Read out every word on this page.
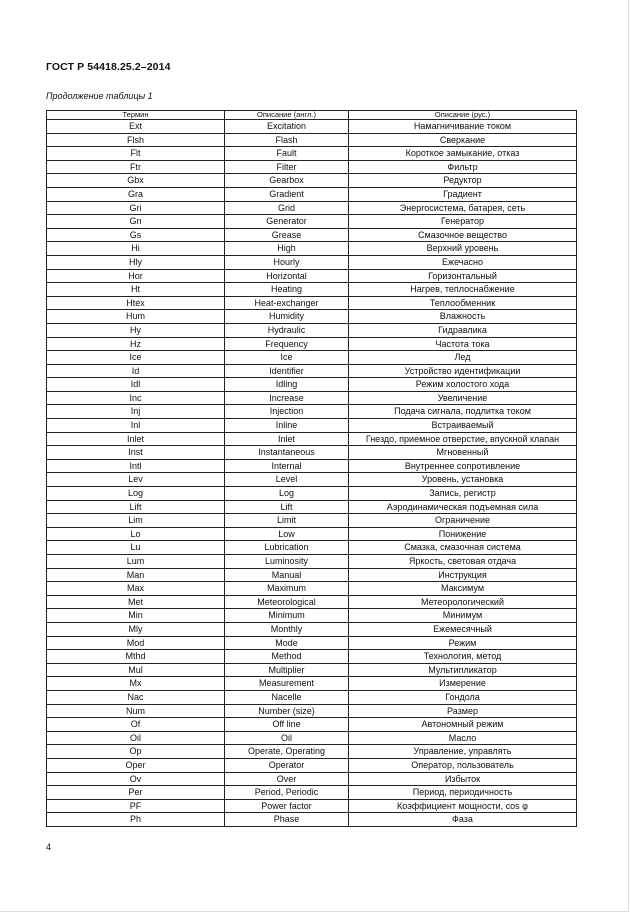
ГОСТ Р 54418.25.2–2014
Продолжение таблицы 1
Термин	Описание (англ.)	Описание (рус.)
Ext	Excitation	Намагничивание током
Flsh	Flash	Сверкание
Flt	Fault	Короткое замыкание, отказ
Ftr	Filter	Фильтр
Gbx	Gearbox	Редуктор
Gra	Gradient	Градиент
Gri	Grid	Энергосистема, батарея, сеть
Gn	Generator	Генератор
Gs	Grease	Смазочное вещество
Hi	High	Верхний уровень
Hly	Hourly	Ежечасно
Hor	Horizontal	Горизонтальный
Ht	Heating	Нагрев, теплоснабжение
Htex	Heat-exchanger	Теплообменник
Hum	Humidity	Влажность
Hy	Hydraulic	Гидравлика
Hz	Frequency	Частота тока
Ice	Ice	Лед
Id	Identifier	Устройство идентификации
Idl	Idling	Режим холостого хода
Inc	Increase	Увеличение
Inj	Injection	Подача сигнала, подлитка током
Inl	Inline	Встраиваемый
Inlet	Inlet	Гнездо, приемное отверстие, впускной клапан
Inst	Instantaneous	Мгновенный
Intl	Internal	Внутреннее сопротивление
Lev	Level	Уровень, установка
Log	Log	Запись, регистр
Lift	Lift	Аэродинамическая подъемная сила
Lim	Limit	Ограничение
Lo	Low	Понижение
Lu	Lubrication	Смазка, смазочная система
Lum	Luminosity	Яркость, световая отдача
Man	Manual	Инструкция
Max	Maximum	Максимум
Met	Meteorological	Метеорологический
Min	Minimum	Минимум
Mly	Monthly	Ежемесячный
Mod	Mode	Режим
Mthd	Method	Технология, метод
Mul	Multiplier	Мультипликатор
Mx	Measurement	Измерение
Nac	Nacelle	Гондола
Num	Number (size)	Размер
Of	Off line	Автономный режим
Oil	Oil	Масло
Op	Operate, Operating	Управление, управлять
Oper	Operator	Оператор, пользователь
Ov	Over	Избыток
Per	Period, Periodic	Период, периодичность
PF	Power factor	Коэффициент мощности, cos φ
Ph	Phase	Фаза
4
